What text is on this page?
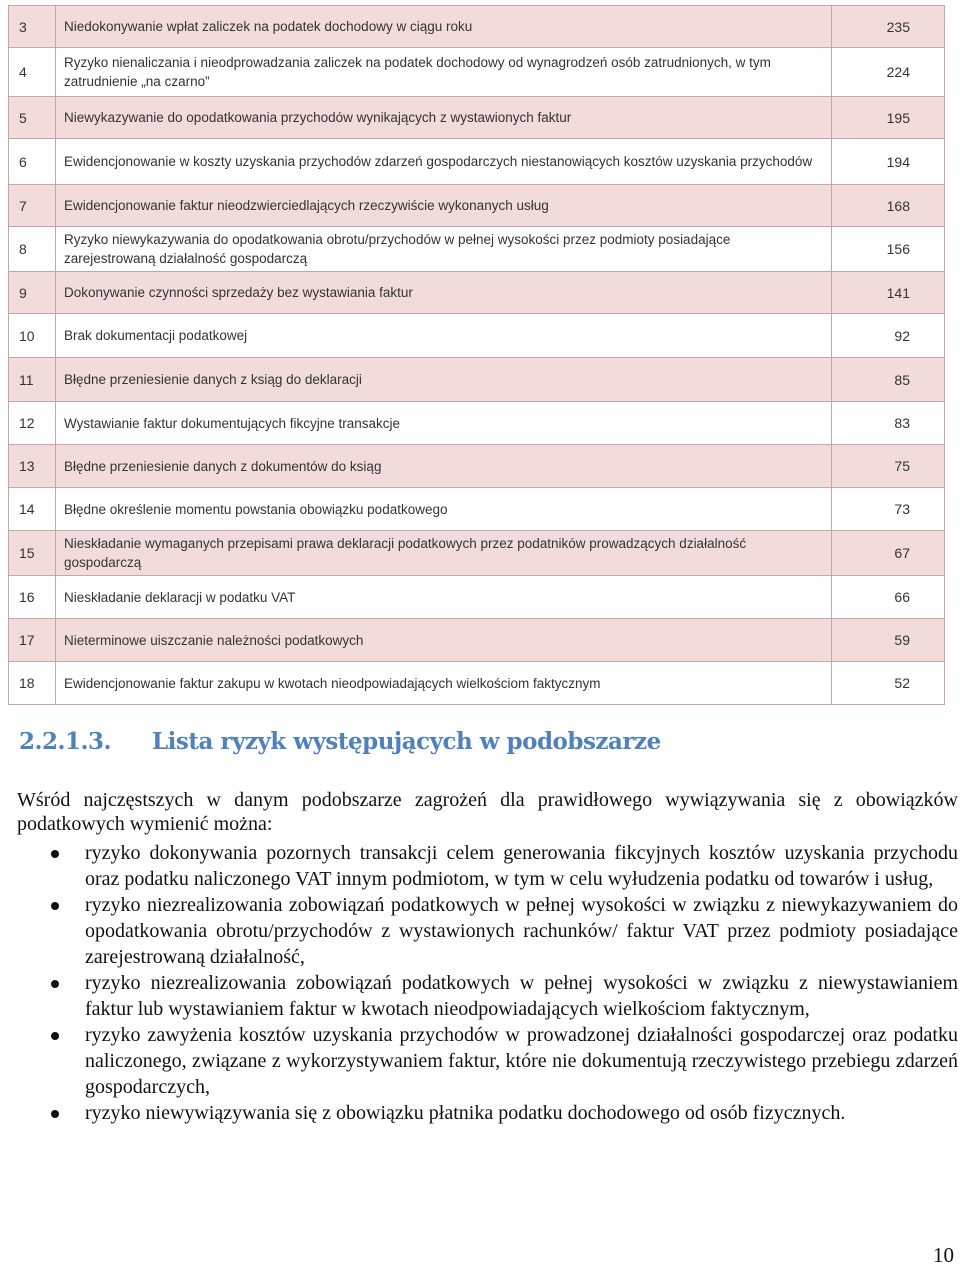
3	Niedokonywanie wpłat zaliczek na podatek dochodowy w ciągu roku	235
4	Ryzyko nienaliczania i nieodprowadzania zaliczek na podatek dochodowy od wynagrodzeń osób zatrudnionych, w tym zatrudnienie „na czarno”	224
5	Niewykazywanie do opodatkowania przychodów wynikających z wystawionych faktur	195
6	Ewidencjonowanie w koszty uzyskania przychodów zdarzeń gospodarczych niestanowiących kosztów uzyskania przychodów	194
7	Ewidencjonowanie faktur nieodzwierciedlających rzeczywiście wykonanych usług	168
8	Ryzyko niewykazywania do opodatkowania obrotu/przychodów w pełnej wysokości przez podmioty posiadające zarejestrowaną działalność gospodarczą	156
9	Dokonywanie czynności sprzedaży bez wystawiania faktur	141
10	Brak dokumentacji podatkowej	92
11	Błędne przeniesienie danych z ksiąg do deklaracji	85
12	Wystawianie faktur dokumentujących fikcyjne transakcje	83
13	Błędne przeniesienie danych z dokumentów do ksiąg	75
14	Błędne określenie momentu powstania obowiązku podatkowego	73
15	Nieskładanie wymaganych przepisami prawa deklaracji podatkowych przez podatników prowadzących działalność gospodarczą	67
16	Nieskładanie deklaracji w podatku VAT	66
17	Nieterminowe uiszczanie należności podatkowych	59
18	Ewidencjonowanie faktur zakupu w kwotach nieodpowiadających wielkościom faktycznym	52
2.2.1.3. Lista ryzyk występujących w podobszarze

Wśród najczęstszych w danym podobszarze zagrożeń dla prawidłowego wywiązywania się z obowiązków podatkowych wymienić można:

ryzyko dokonywania pozornych transakcji celem generowania fikcyjnych kosztów uzyskania przychodu oraz podatku naliczonego VAT innym podmiotom, w tym w celu wyłudzenia podatku od towarów i usług,
ryzyko niezrealizowania zobowiązań podatkowych w pełnej wysokości w związku z niewykazywaniem do opodatkowania obrotu/przychodów z wystawionych rachunków/ faktur VAT przez podmioty posiadające zarejestrowaną działalność,
ryzyko niezrealizowania zobowiązań podatkowych w pełnej wysokości w związku z niewystawianiem faktur lub wystawianiem faktur w kwotach nieodpowiadających wielkościom faktycznym,
ryzyko zawyżenia kosztów uzyskania przychodów w prowadzonej działalności gospodarczej oraz podatku naliczonego, związane z wykorzystywaniem faktur, które nie dokumentują rzeczywistego przebiegu zdarzeń gospodarczych,
ryzyko niewywiązywania się z obowiązku płatnika podatku dochodowego od osób fizycznych.
10
